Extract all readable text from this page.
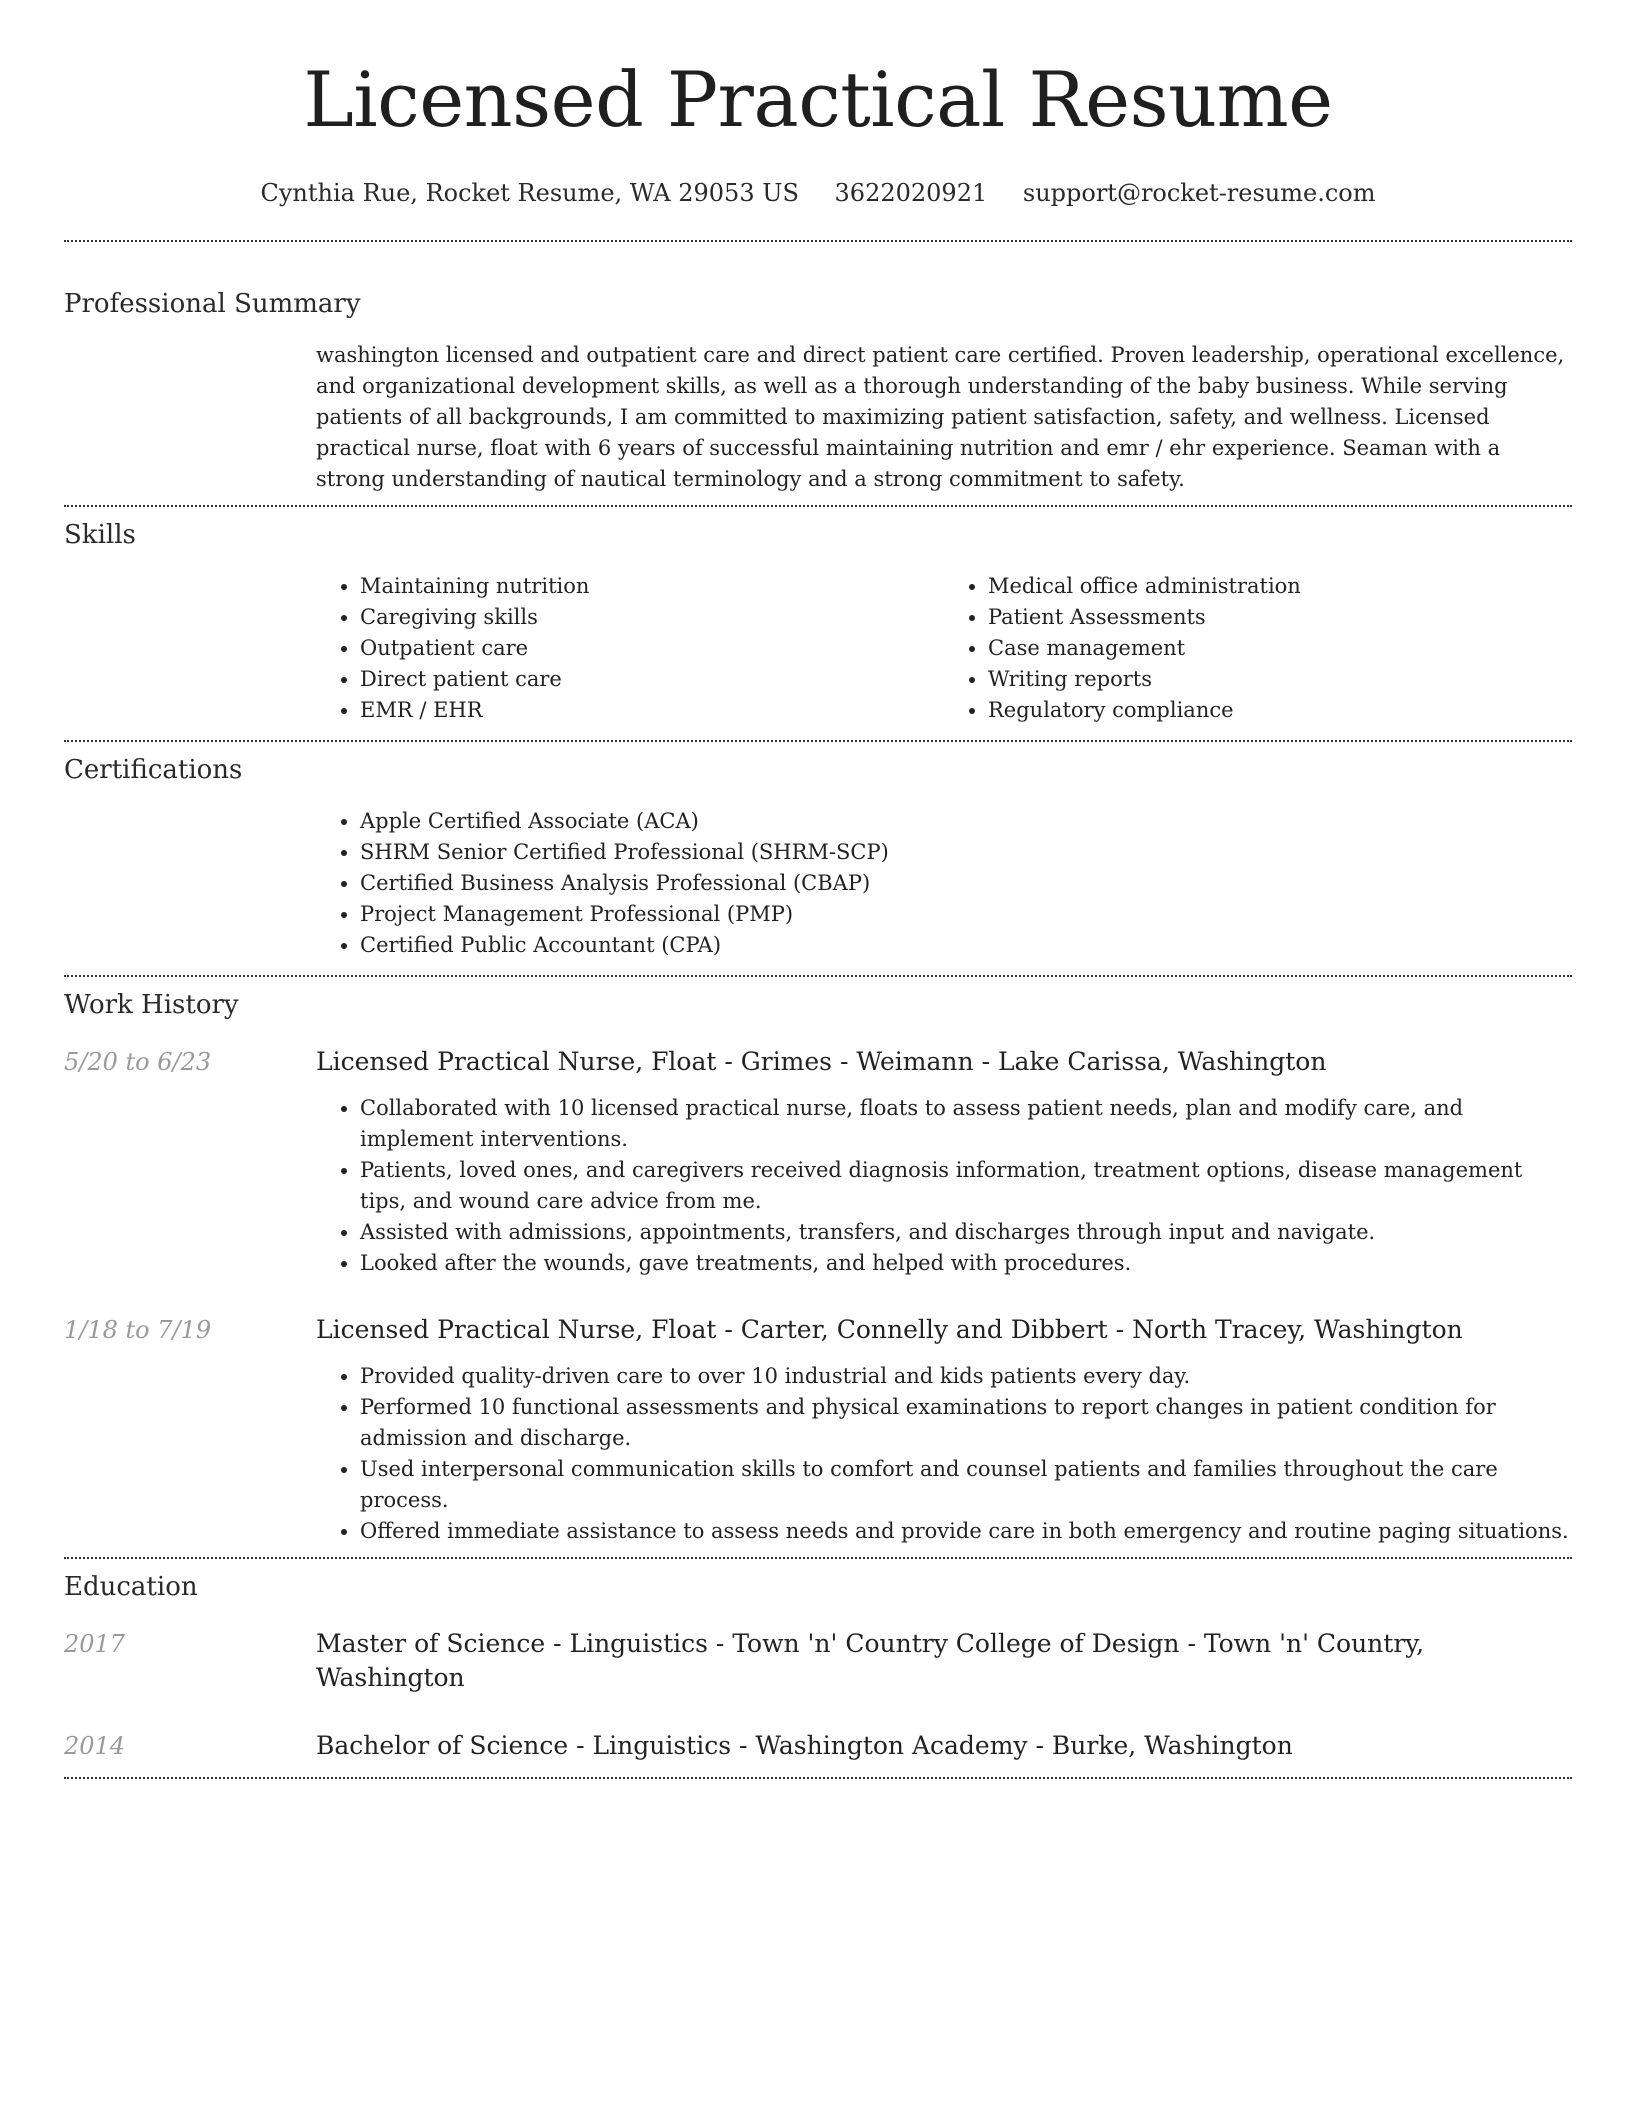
Licensed Practical Resume
Cynthia Rue, Rocket Resume, WA 29053 US 3622020921 support@rocket-resume.com
Professional Summary

washington licensed and outpatient care and direct patient care certified. Proven leadership, operational excellence, and organizational development skills, as well as a thorough understanding of the baby business. While serving patients of all backgrounds, I am committed to maximizing patient satisfaction, safety, and wellness. Licensed practical nurse, float with 6 years of successful maintaining nutrition and emr / ehr experience. Seaman with a strong understanding of nautical terminology and a strong commitment to safety.

Skills
• Maintaining nutrition
• Caregiving skills
• Outpatient care
• Direct patient care
• EMR / EHR
• Medical office administration
• Patient Assessments
• Case management
• Writing reports
• Regulatory compliance
Certifications
• Apple Certified Associate (ACA)
• SHRM Senior Certified Professional (SHRM-SCP)
• Certified Business Analysis Professional (CBAP)
• Project Management Professional (PMP)
• Certified Public Accountant (CPA)
Work History
5/20 to 6/23	Licensed Practical Nurse, Float - Grimes - Weimann - Lake Carissa, Washington
• Collaborated with 10 licensed practical nurse, floats to assess patient needs, plan and modify care, and implement interventions.
• Patients, loved ones, and caregivers received diagnosis information, treatment options, disease management tips, and wound care advice from me.
• Assisted with admissions, appointments, transfers, and discharges through input and navigate.
• Looked after the wounds, gave treatments, and helped with procedures.
1/18 to 7/19	Licensed Practical Nurse, Float - Carter, Connelly and Dibbert - North Tracey, Washington
• Provided quality-driven care to over 10 industrial and kids patients every day.
• Performed 10 functional assessments and physical examinations to report changes in patient condition for admission and discharge.
• Used interpersonal communication skills to comfort and counsel patients and families throughout the care process.
• Offered immediate assistance to assess needs and provide care in both emergency and routine paging situations.
Education
2017	Master of Science - Linguistics - Town 'n' Country College of Design - Town 'n' Country, Washington
2014	Bachelor of Science - Linguistics - Washington Academy - Burke, Washington
